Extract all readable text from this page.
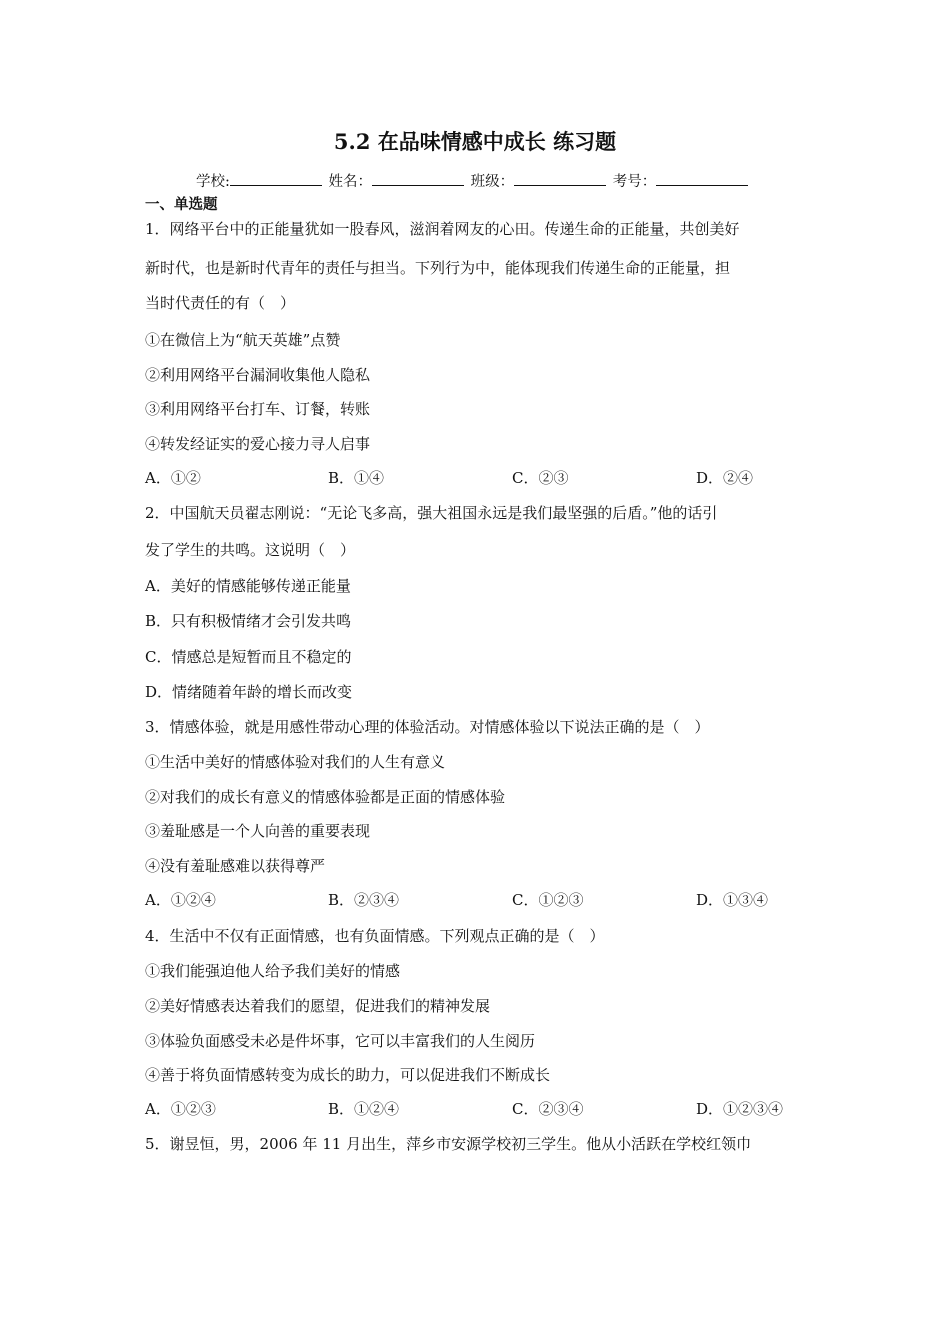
5.2 在品味情感中成长 练习题
学校:	姓名：	班级：	考号：
一、单选题
1．网络平台中的正能量犹如一股春风，滋润着网友的心田。传递生命的正能量，共创美好
新时代，也是新时代青年的责任与担当。下列行为中，能体现我们传递生命的正能量，担
当时代责任的有（　）
①在微信上为“航天英雄”点赞
②利用网络平台漏洞收集他人隐私
③利用网络平台打车、订餐，转账
④转发经证实的爱心接力寻人启事
A．①②	B．①④	C．②③	D．②④
2．中国航天员翟志刚说：“无论飞多高，强大祖国永远是我们最坚强的后盾。”他的话引
发了学生的共鸣。这说明（　）
A．美好的情感能够传递正能量
B．只有积极情绪才会引发共鸣
C．情感总是短暂而且不稳定的
D．情绪随着年龄的增长而改变
3．情感体验，就是用感性带动心理的体验活动。对情感体验以下说法正确的是（　）
①生活中美好的情感体验对我们的人生有意义
②对我们的成长有意义的情感体验都是正面的情感体验
③羞耻感是一个人向善的重要表现
④没有羞耻感难以获得尊严
A．①②④	B．②③④	C．①②③	D．①③④
4．生活中不仅有正面情感，也有负面情感。下列观点正确的是（　）
①我们能强迫他人给予我们美好的情感
②美好情感表达着我们的愿望，促进我们的精神发展
③体验负面感受未必是件坏事，它可以丰富我们的人生阅历
④善于将负面情感转变为成长的助力，可以促进我们不断成长
A．①②③	B．①②④	C．②③④	D．①②③④
5．谢昱恒，男，2006 年 11 月出生，萍乡市安源学校初三学生。他从小活跃在学校红领巾
